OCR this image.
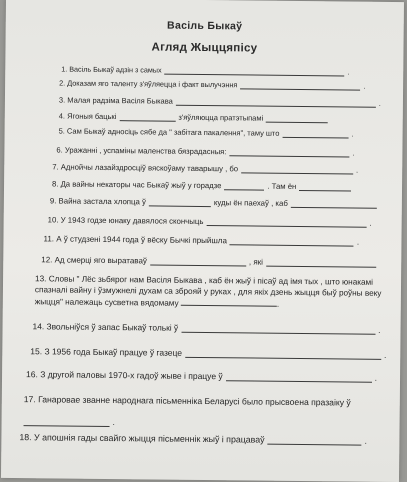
Васіль Быкаў
Агляд Жыццяпісу
1. Васіль Быкаў адзін з самых	.
2. Доказам яго таленту з'яўляецца і факт вылучэння	.
3. Малая радзіма Васіля Быкава	.
4. Ягоныя бацькі	з'яўляюцца пратэтыпамі
5. Сам Быкаў адносіць сябе да " забітага пакалення", таму што	.
6. Уражанні , успаміны маленства бязрадасныя:	.
7. Аднойчы лазайздросціў вяскоўаму таварышу , бо	.
8. Да вайны некаторы час Быкаў жыў у горадзе	. Там ён
9. Вайна застала хлопца ў	куды ён паехаў , каб
10. У 1943 годзе юнаку давялося скончыць	.
11. А ў студзені 1944 года ў вёску Бычкі прыйшла	.
12. Ад смерці яго выратаваў	, які
13. Словы " Лёс зьбярог нам Васіля Быкава , каб ён жыў і пісаў ад імя тых , што юнакамі спазналі вайну і ўзмужнелі духам са зброяй у руках , для якіх дзень жыцця быў роўны веку жыцця" належаць сусветна вядомаму	.
14. Звольніўся ў запас Быкаў толькі ў	.
15. З 1956 года Быкаў працуе ў газеце	.
16. З другой паловы 1970-х гадоў жыве і працуе ў	.
17. Ганаровае званне народнага пісьменніка Беларусі было прысвоена празаіку ў
.
18. У апошнія гады свайго жыцця пісьменнік жыў і працаваў	.
